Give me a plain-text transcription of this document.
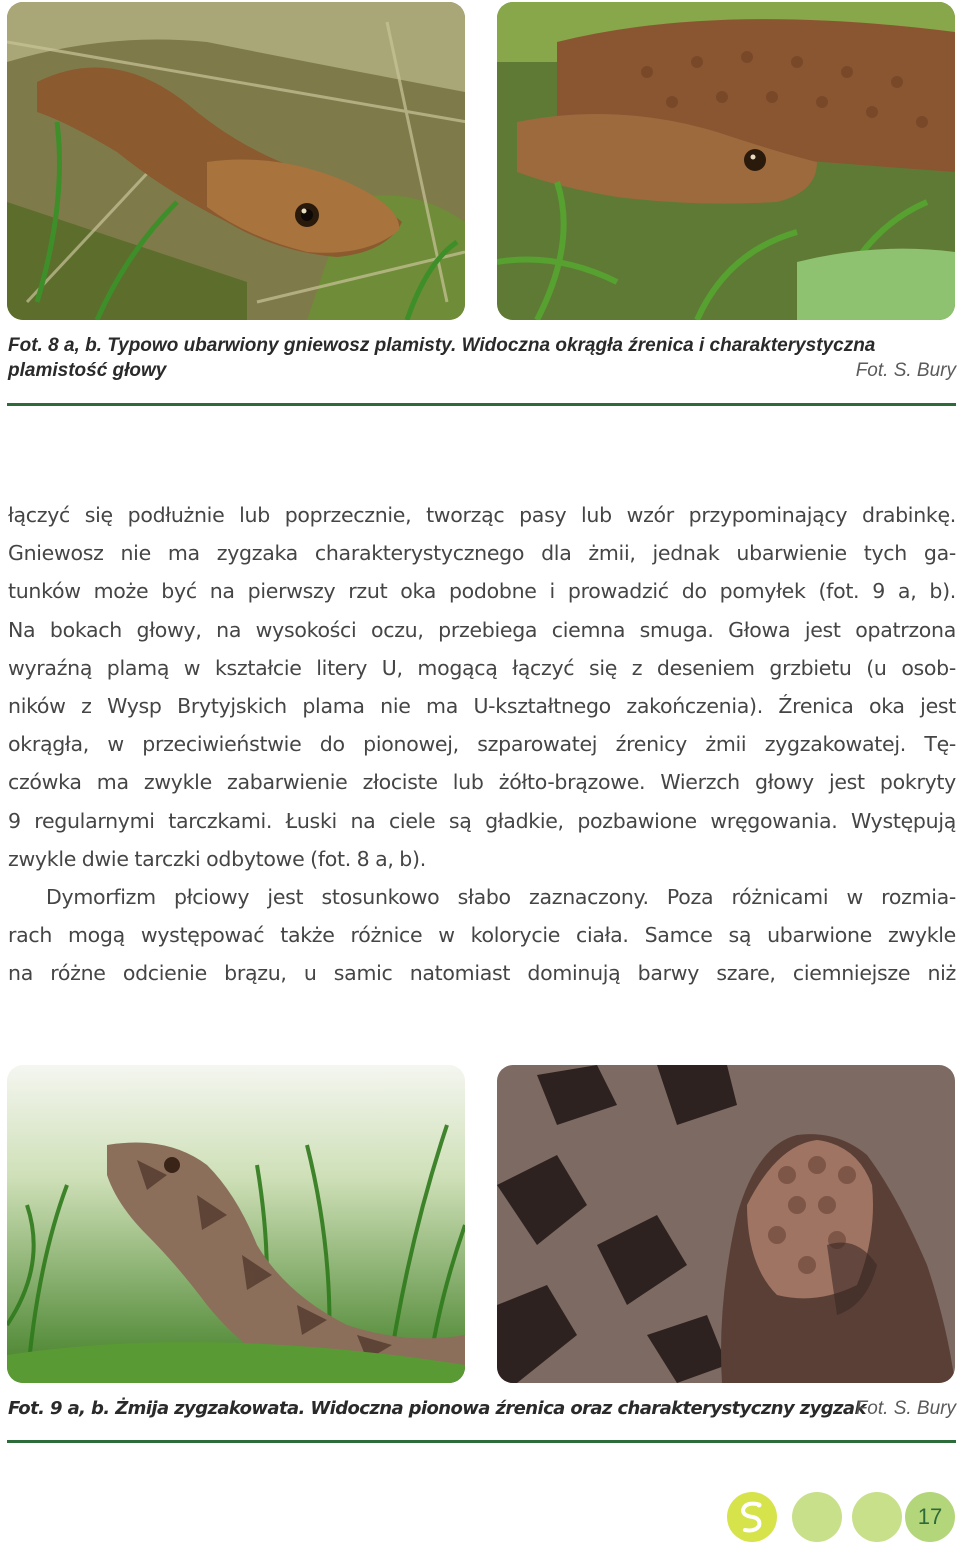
Fot. 8 a, b. Typowo ubarwiony gniewosz plamisty. Widoczna okrągła źrenica i charakterystyczna
plamistość głowy	Fot. S. Bury
łączyć się podłużnie lub poprzecznie, tworząc pasy lub wzór przypominający drabinkę.
Gniewosz nie ma zygzaka charakterystycznego dla żmii, jednak ubarwienie tych ga-
tunków może być na pierwszy rzut oka podobne i prowadzić do pomyłek (fot. 9 a, b).
Na bokach głowy, na wysokości oczu, przebiega ciemna smuga. Głowa jest opatrzona
wyraźną plamą w kształcie litery U, mogącą łączyć się z deseniem grzbietu (u osob-
ników z Wysp Brytyjskich plama nie ma U-kształtnego zakończenia). Źrenica oka jest
okrągła, w przeciwieństwie do pionowej, szparowatej źrenicy żmii zygzakowatej. Tę-
czówka ma zwykle zabarwienie złociste lub żółto-brązowe. Wierzch głowy jest pokryty
9 regularnymi tarczkami. Łuski na ciele są gładkie, pozbawione wręgowania. Występują
zwykle dwie tarczki odbytowe (fot. 8 a, b).
Dymorfizm płciowy jest stosunkowo słabo zaznaczony. Poza różnicami w rozmia-
rach mogą występować także różnice w kolorycie ciała. Samce są ubarwione zwykle
na różne odcienie brązu, u samic natomiast dominują barwy szare, ciemniejsze niż
Fot. 9 a, b. Żmija zygzakowata. Widoczna pionowa źrenica oraz charakterystyczny zygzak
Fot. S. Bury
17
